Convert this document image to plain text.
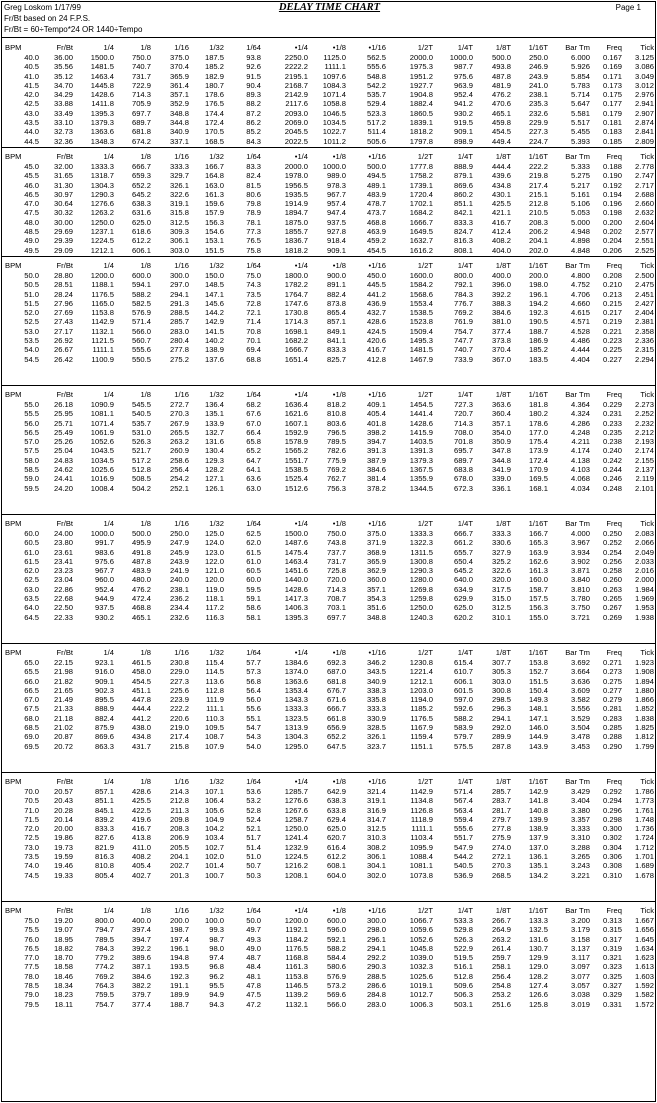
Greg Loskom 1/17/99	DELAY TIME CHART	Page 1
Fr/Bt based on 24 F.P.S.
Fr/Bt = 60÷Tempo*24 OR 1440÷Tempo
BPM	Fr/Bt	1/4	1/8	1/16	1/32	1/64	•1/4	•1/8	•1/16	1/2T	1/4T	1/8T	1/16T	Bar Tm	Freq	Tick
40.0	36.00	1500.0	750.0	375.0	187.5	93.8	2250.0	1125.0	562.5	2000.0	1000.0	500.0	250.0	6.000	0.167	3.125
40.5	35.56	1481.5	740.7	370.4	185.2	92.6	2222.2	1111.1	555.6	1975.3	987.7	493.8	246.9	5.926	0.169	3.086
41.0	35.12	1463.4	731.7	365.9	182.9	91.5	2195.1	1097.6	548.8	1951.2	975.6	487.8	243.9	5.854	0.171	3.049
41.5	34.70	1445.8	722.9	361.4	180.7	90.4	2168.7	1084.3	542.2	1927.7	963.9	481.9	241.0	5.783	0.173	3.012
42.0	34.29	1428.6	714.3	357.1	178.6	89.3	2142.9	1071.4	535.7	1904.8	952.4	476.2	238.1	5.714	0.175	2.976
42.5	33.88	1411.8	705.9	352.9	176.5	88.2	2117.6	1058.8	529.4	1882.4	941.2	470.6	235.3	5.647	0.177	2.941
43.0	33.49	1395.3	697.7	348.8	174.4	87.2	2093.0	1046.5	523.3	1860.5	930.2	465.1	232.6	5.581	0.179	2.907
43.5	33.10	1379.3	689.7	344.8	172.4	86.2	2069.0	1034.5	517.2	1839.1	919.5	459.8	229.9	5.517	0.181	2.874
44.0	32.73	1363.6	681.8	340.9	170.5	85.2	2045.5	1022.7	511.4	1818.2	909.1	454.5	227.3	5.455	0.183	2.841
44.5	32.36	1348.3	674.2	337.1	168.5	84.3	2022.5	1011.2	505.6	1797.8	898.9	449.4	224.7	5.393	0.185	2.809
BPM	Fr/Bt	1/4	1/8	1/16	1/32	1/64	•1/4	•1/8	•1/16	1/2T	1/4T	1/8T	1/16T	Bar Tm	Freq	Tick
45.0	32.00	1333.3	666.7	333.3	166.7	83.3	2000.0	1000.0	500.0	1777.8	888.9	444.4	222.2	5.333	0.188	2.778
45.5	31.65	1318.7	659.3	329.7	164.8	82.4	1978.0	989.0	494.5	1758.2	879.1	439.6	219.8	5.275	0.190	2.747
46.0	31.30	1304.3	652.2	326.1	163.0	81.5	1956.5	978.3	489.1	1739.1	869.6	434.8	217.4	5.217	0.192	2.717
46.5	30.97	1290.3	645.2	322.6	161.3	80.6	1935.5	967.7	483.9	1720.4	860.2	430.1	215.1	5.161	0.194	2.688
47.0	30.64	1276.6	638.3	319.1	159.6	79.8	1914.9	957.4	478.7	1702.1	851.1	425.5	212.8	5.106	0.196	2.660
47.5	30.32	1263.2	631.6	315.8	157.9	78.9	1894.7	947.4	473.7	1684.2	842.1	421.1	210.5	5.053	0.198	2.632
48.0	30.00	1250.0	625.0	312.5	156.3	78.1	1875.0	937.5	468.8	1666.7	833.3	416.7	208.3	5.000	0.200	2.604
48.5	29.69	1237.1	618.6	309.3	154.6	77.3	1855.7	927.8	463.9	1649.5	824.7	412.4	206.2	4.948	0.202	2.577
49.0	29.39	1224.5	612.2	306.1	153.1	76.5	1836.7	918.4	459.2	1632.7	816.3	408.2	204.1	4.898	0.204	2.551
49.5	29.09	1212.1	606.1	303.0	151.5	75.8	1818.2	909.1	454.5	1616.2	808.1	404.0	202.0	4.848	0.206	2.525
BPM	Fr/Bt	1/4	1/8	1/16	1/32	1/64	•1/4	•1/8	•1/16	1/2T	1/4T	1/8T	1/16T	Bar Tm	Freq	Tick
50.0	28.80	1200.0	600.0	300.0	150.0	75.0	1800.0	900.0	450.0	1600.0	800.0	400.0	200.0	4.800	0.208	2.500
50.5	28.51	1188.1	594.1	297.0	148.5	74.3	1782.2	891.1	445.5	1584.2	792.1	396.0	198.0	4.752	0.210	2.475
51.0	28.24	1176.5	588.2	294.1	147.1	73.5	1764.7	882.4	441.2	1568.6	784.3	392.2	196.1	4.706	0.213	2.451
51.5	27.96	1165.0	582.5	291.3	145.6	72.8	1747.6	873.8	436.9	1553.4	776.7	388.3	194.2	4.660	0.215	2.427
52.0	27.69	1153.8	576.9	288.5	144.2	72.1	1730.8	865.4	432.7	1538.5	769.2	384.6	192.3	4.615	0.217	2.404
52.5	27.43	1142.9	571.4	285.7	142.9	71.4	1714.3	857.1	428.6	1523.8	761.9	381.0	190.5	4.571	0.219	2.381
53.0	27.17	1132.1	566.0	283.0	141.5	70.8	1698.1	849.1	424.5	1509.4	754.7	377.4	188.7	4.528	0.221	2.358
53.5	26.92	1121.5	560.7	280.4	140.2	70.1	1682.2	841.1	420.6	1495.3	747.7	373.8	186.9	4.486	0.223	2.336
54.0	26.67	1111.1	555.6	277.8	138.9	69.4	1666.7	833.3	416.7	1481.5	740.7	370.4	185.2	4.444	0.225	2.315
54.5	26.42	1100.9	550.5	275.2	137.6	68.8	1651.4	825.7	412.8	1467.9	733.9	367.0	183.5	4.404	0.227	2.294
BPM	Fr/Bt	1/4	1/8	1/16	1/32	1/64	•1/4	•1/8	•1/16	1/2T	1/4T	1/8T	1/16T	Bar Tm	Freq	Tick
55.0	26.18	1090.9	545.5	272.7	136.4	68.2	1636.4	818.2	409.1	1454.5	727.3	363.6	181.8	4.364	0.229	2.273
55.5	25.95	1081.1	540.5	270.3	135.1	67.6	1621.6	810.8	405.4	1441.4	720.7	360.4	180.2	4.324	0.231	2.252
56.0	25.71	1071.4	535.7	267.9	133.9	67.0	1607.1	803.6	401.8	1428.6	714.3	357.1	178.6	4.286	0.233	2.232
56.5	25.49	1061.9	531.0	265.5	132.7	66.4	1592.9	796.5	398.2	1415.9	708.0	354.0	177.0	4.248	0.235	2.212
57.0	25.26	1052.6	526.3	263.2	131.6	65.8	1578.9	789.5	394.7	1403.5	701.8	350.9	175.4	4.211	0.238	2.193
57.5	25.04	1043.5	521.7	260.9	130.4	65.2	1565.2	782.6	391.3	1391.3	695.7	347.8	173.9	4.174	0.240	2.174
58.0	24.83	1034.5	517.2	258.6	129.3	64.7	1551.7	775.9	387.9	1379.3	689.7	344.8	172.4	4.138	0.242	2.155
58.5	24.62	1025.6	512.8	256.4	128.2	64.1	1538.5	769.2	384.6	1367.5	683.8	341.9	170.9	4.103	0.244	2.137
59.0	24.41	1016.9	508.5	254.2	127.1	63.6	1525.4	762.7	381.4	1355.9	678.0	339.0	169.5	4.068	0.246	2.119
59.5	24.20	1008.4	504.2	252.1	126.1	63.0	1512.6	756.3	378.2	1344.5	672.3	336.1	168.1	4.034	0.248	2.101
BPM	Fr/Bt	1/4	1/8	1/16	1/32	1/64	•1/4	•1/8	•1/16	1/2T	1/4T	1/8T	1/16T	Bar Tm	Freq	Tick
60.0	24.00	1000.0	500.0	250.0	125.0	62.5	1500.0	750.0	375.0	1333.3	666.7	333.3	166.7	4.000	0.250	2.083
60.5	23.80	991.7	495.9	247.9	124.0	62.0	1487.6	743.8	371.9	1322.3	661.2	330.6	165.3	3.967	0.252	2.066
61.0	23.61	983.6	491.8	245.9	123.0	61.5	1475.4	737.7	368.9	1311.5	655.7	327.9	163.9	3.934	0.254	2.049
61.5	23.41	975.6	487.8	243.9	122.0	61.0	1463.4	731.7	365.9	1300.8	650.4	325.2	162.6	3.902	0.256	2.033
62.0	23.23	967.7	483.9	241.9	121.0	60.5	1451.6	725.8	362.9	1290.3	645.2	322.6	161.3	3.871	0.258	2.016
62.5	23.04	960.0	480.0	240.0	120.0	60.0	1440.0	720.0	360.0	1280.0	640.0	320.0	160.0	3.840	0.260	2.000
63.0	22.86	952.4	476.2	238.1	119.0	59.5	1428.6	714.3	357.1	1269.8	634.9	317.5	158.7	3.810	0.263	1.984
63.5	22.68	944.9	472.4	236.2	118.1	59.1	1417.3	708.7	354.3	1259.8	629.9	315.0	157.5	3.780	0.265	1.969
64.0	22.50	937.5	468.8	234.4	117.2	58.6	1406.3	703.1	351.6	1250.0	625.0	312.5	156.3	3.750	0.267	1.953
64.5	22.33	930.2	465.1	232.6	116.3	58.1	1395.3	697.7	348.8	1240.3	620.2	310.1	155.0	3.721	0.269	1.938
BPM	Fr/Bt	1/4	1/8	1/16	1/32	1/64	•1/4	•1/8	•1/16	1/2T	1/4T	1/8T	1/16T	Bar Tm	Freq	Tick
65.0	22.15	923.1	461.5	230.8	115.4	57.7	1384.6	692.3	346.2	1230.8	615.4	307.7	153.8	3.692	0.271	1.923
65.5	21.98	916.0	458.0	229.0	114.5	57.3	1374.0	687.0	343.5	1221.4	610.7	305.3	152.7	3.664	0.273	1.908
66.0	21.82	909.1	454.5	227.3	113.6	56.8	1363.6	681.8	340.9	1212.1	606.1	303.0	151.5	3.636	0.275	1.894
66.5	21.65	902.3	451.1	225.6	112.8	56.4	1353.4	676.7	338.3	1203.0	601.5	300.8	150.4	3.609	0.277	1.880
67.0	21.49	895.5	447.8	223.9	111.9	56.0	1343.3	671.6	335.8	1194.0	597.0	298.5	149.3	3.582	0.279	1.866
67.5	21.33	888.9	444.4	222.2	111.1	55.6	1333.3	666.7	333.3	1185.2	592.6	296.3	148.1	3.556	0.281	1.852
68.0	21.18	882.4	441.2	220.6	110.3	55.1	1323.5	661.8	330.9	1176.5	588.2	294.1	147.1	3.529	0.283	1.838
68.5	21.02	875.9	438.0	219.0	109.5	54.7	1313.9	656.9	328.5	1167.9	583.9	292.0	146.0	3.504	0.285	1.825
69.0	20.87	869.6	434.8	217.4	108.7	54.3	1304.3	652.2	326.1	1159.4	579.7	289.9	144.9	3.478	0.288	1.812
69.5	20.72	863.3	431.7	215.8	107.9	54.0	1295.0	647.5	323.7	1151.1	575.5	287.8	143.9	3.453	0.290	1.799
BPM	Fr/Bt	1/4	1/8	1/16	1/32	1/64	•1/4	•1/8	•1/16	1/2T	1/4T	1/8T	1/16T	Bar Tm	Freq	Tick
70.0	20.57	857.1	428.6	214.3	107.1	53.6	1285.7	642.9	321.4	1142.9	571.4	285.7	142.9	3.429	0.292	1.786
70.5	20.43	851.1	425.5	212.8	106.4	53.2	1276.6	638.3	319.1	1134.8	567.4	283.7	141.8	3.404	0.294	1.773
71.0	20.28	845.1	422.5	211.3	105.6	52.8	1267.6	633.8	316.9	1126.8	563.4	281.7	140.8	3.380	0.296	1.761
71.5	20.14	839.2	419.6	209.8	104.9	52.4	1258.7	629.4	314.7	1118.9	559.4	279.7	139.9	3.357	0.298	1.748
72.0	20.00	833.3	416.7	208.3	104.2	52.1	1250.0	625.0	312.5	1111.1	555.6	277.8	138.9	3.333	0.300	1.736
72.5	19.86	827.6	413.8	206.9	103.4	51.7	1241.4	620.7	310.3	1103.4	551.7	275.9	137.9	3.310	0.302	1.724
73.0	19.73	821.9	411.0	205.5	102.7	51.4	1232.9	616.4	308.2	1095.9	547.9	274.0	137.0	3.288	0.304	1.712
73.5	19.59	816.3	408.2	204.1	102.0	51.0	1224.5	612.2	306.1	1088.4	544.2	272.1	136.1	3.265	0.306	1.701
74.0	19.46	810.8	405.4	202.7	101.4	50.7	1216.2	608.1	304.1	1081.1	540.5	270.3	135.1	3.243	0.308	1.689
74.5	19.33	805.4	402.7	201.3	100.7	50.3	1208.1	604.0	302.0	1073.8	536.9	268.5	134.2	3.221	0.310	1.678
BPM	Fr/Bt	1/4	1/8	1/16	1/32	1/64	•1/4	•1/8	•1/16	1/2T	1/4T	1/8T	1/16T	Bar Tm	Freq	Tick
75.0	19.20	800.0	400.0	200.0	100.0	50.0	1200.0	600.0	300.0	1066.7	533.3	266.7	133.3	3.200	0.313	1.667
75.5	19.07	794.7	397.4	198.7	99.3	49.7	1192.1	596.0	298.0	1059.6	529.8	264.9	132.5	3.179	0.315	1.656
76.0	18.95	789.5	394.7	197.4	98.7	49.3	1184.2	592.1	296.1	1052.6	526.3	263.2	131.6	3.158	0.317	1.645
76.5	18.82	784.3	392.2	196.1	98.0	49.0	1176.5	588.2	294.1	1045.8	522.9	261.4	130.7	3.137	0.319	1.634
77.0	18.70	779.2	389.6	194.8	97.4	48.7	1168.8	584.4	292.2	1039.0	519.5	259.7	129.9	3.117	0.321	1.623
77.5	18.58	774.2	387.1	193.5	96.8	48.4	1161.3	580.6	290.3	1032.3	516.1	258.1	129.0	3.097	0.323	1.613
78.0	18.46	769.2	384.6	192.3	96.2	48.1	1153.8	576.9	288.5	1025.6	512.8	256.4	128.2	3.077	0.325	1.603
78.5	18.34	764.3	382.2	191.1	95.5	47.8	1146.5	573.2	286.6	1019.1	509.6	254.8	127.4	3.057	0.327	1.592
79.0	18.23	759.5	379.7	189.9	94.9	47.5	1139.2	569.6	284.8	1012.7	506.3	253.2	126.6	3.038	0.329	1.582
79.5	18.11	754.7	377.4	188.7	94.3	47.2	1132.1	566.0	283.0	1006.3	503.1	251.6	125.8	3.019	0.331	1.572
